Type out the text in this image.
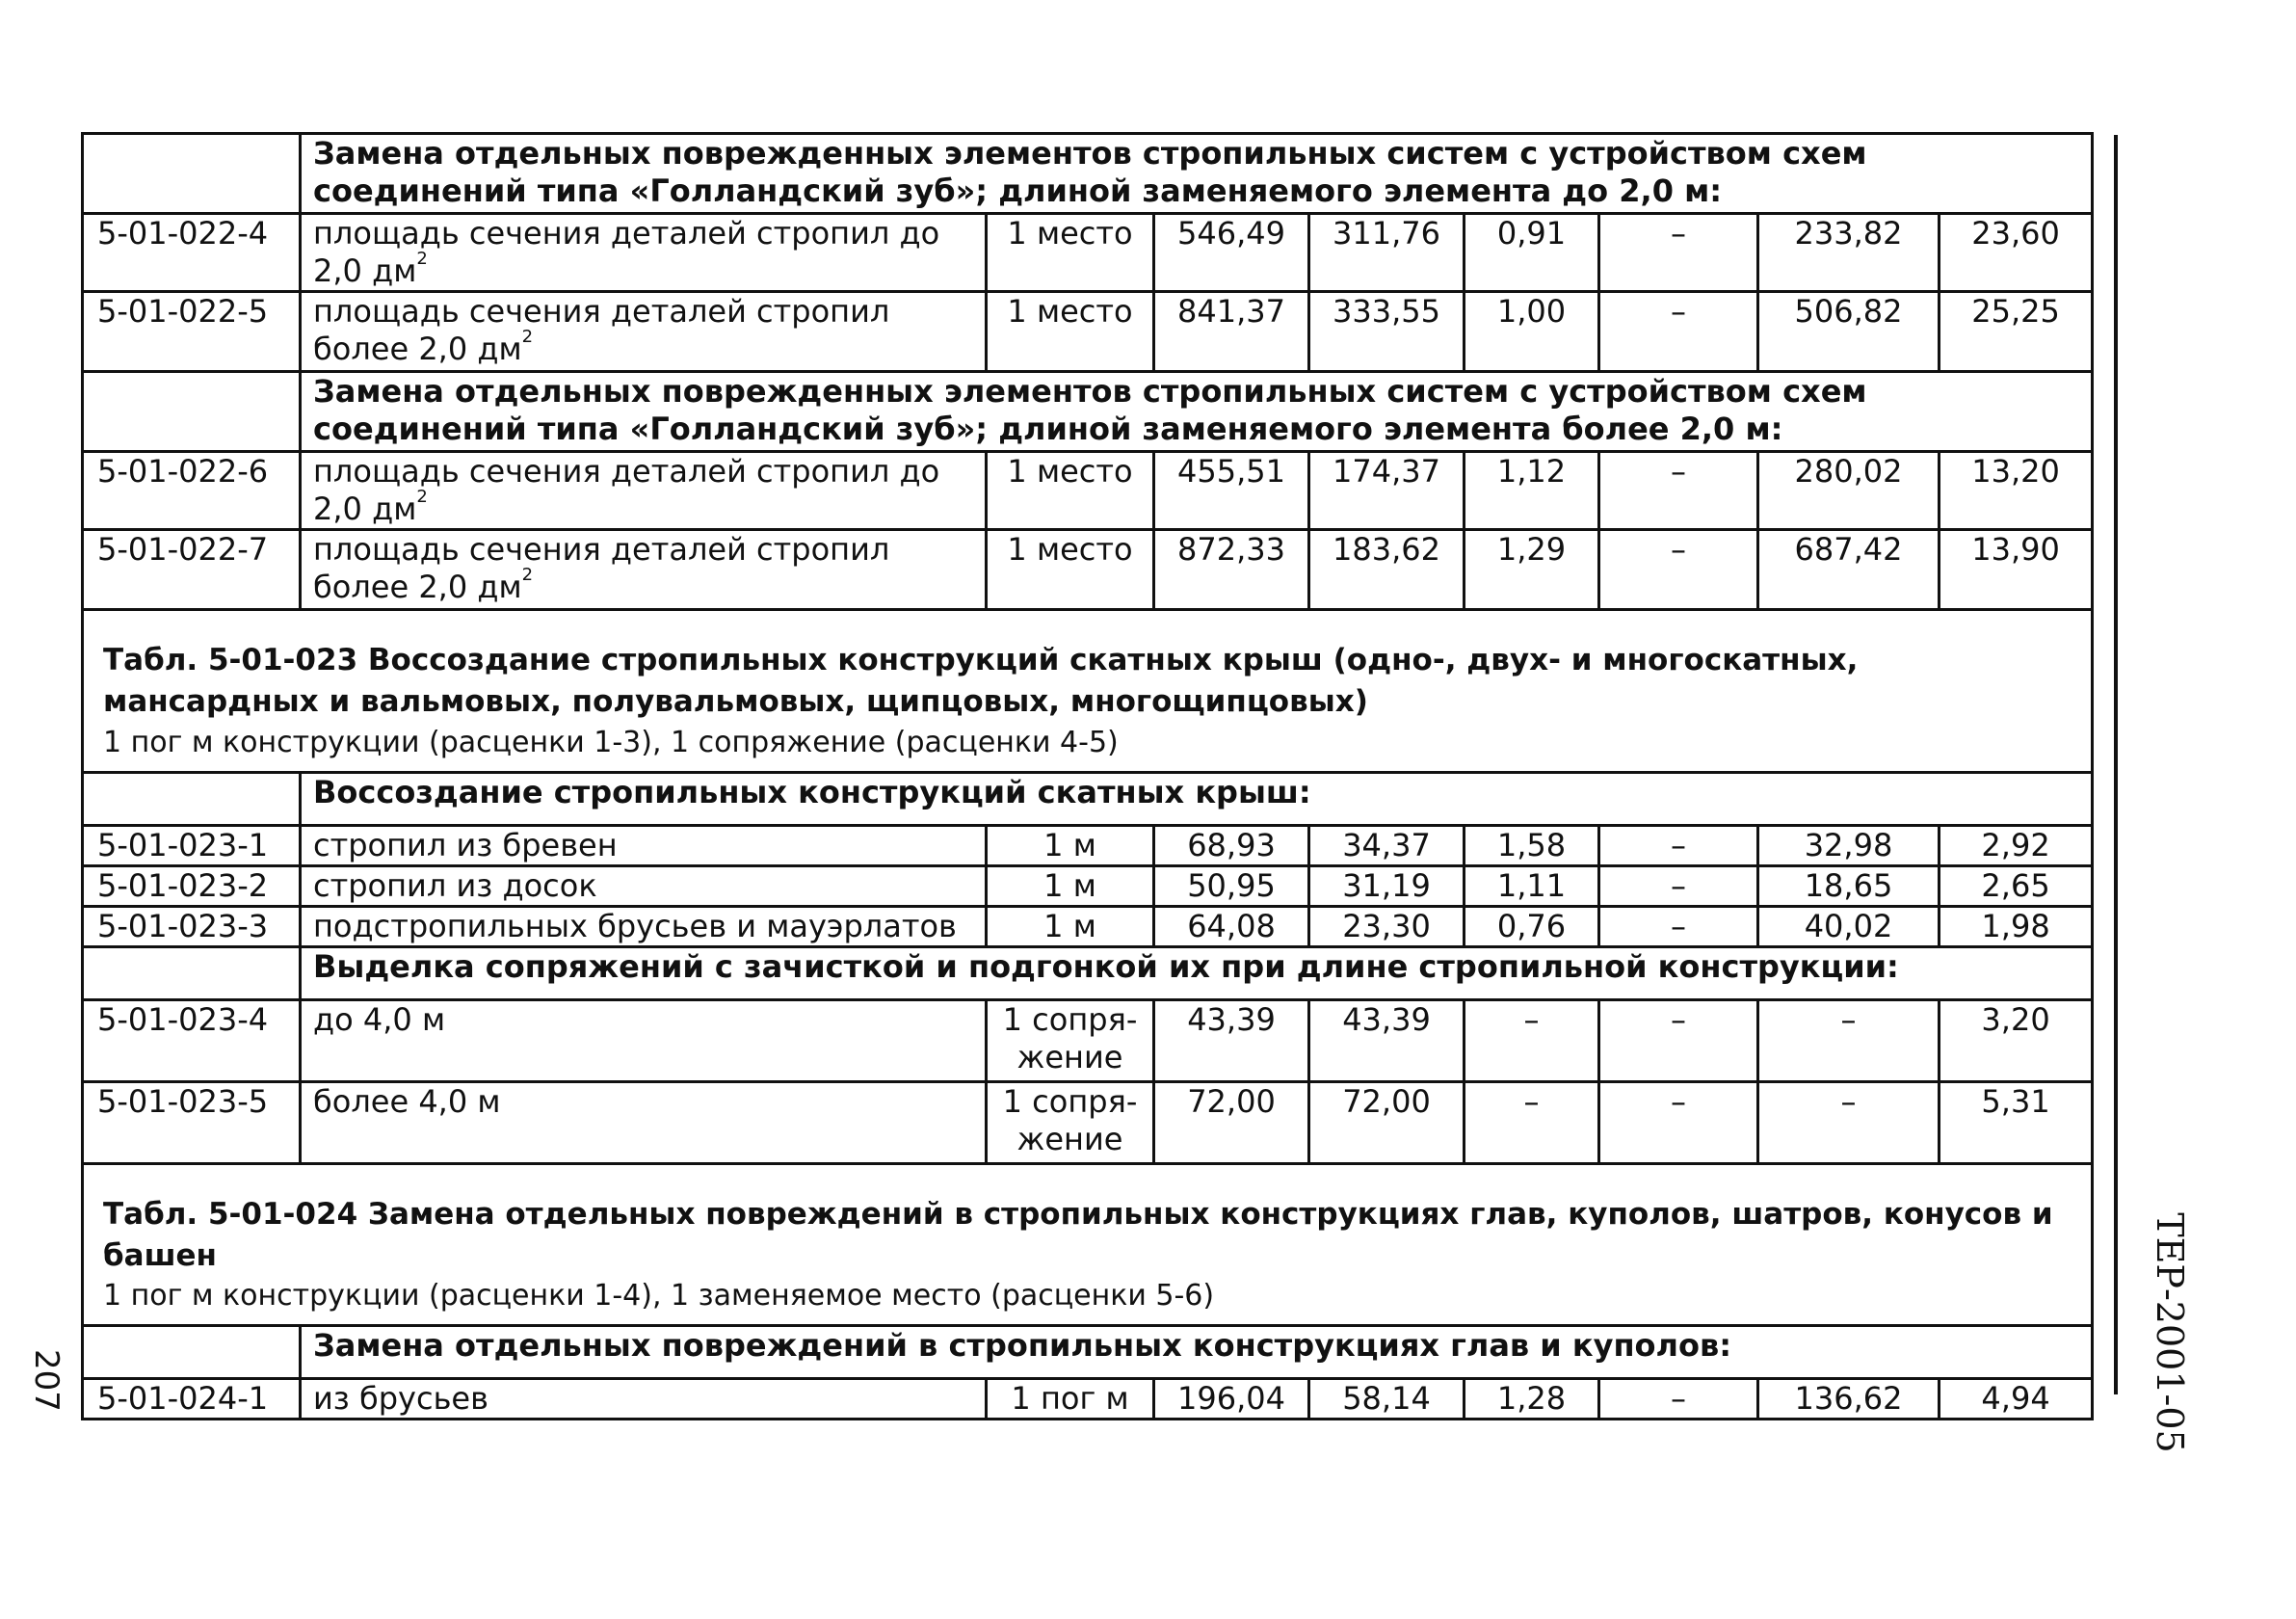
207	ТЕР-2001-05
	Замена отдельных поврежденных элементов стропильных систем с устройством схем соединений типа «Голландский зуб»; длиной заменяемого элемента до 2,0 м:							
5-01-022-4	площадь сечения деталей стропил до 2,0 $дм^2$	1 место	546,49	311,76	0,91	–	233,82	23,60
5-01-022-5	площадь сечения деталей стропил более 2,0 $дм^2$	1 место	841,37	333,55	1,00	–	506,82	25,25
	Замена отдельных поврежденных элементов стропильных систем с устройством схем соединений типа «Голландский зуб»; длиной заменяемого элемента более 2,0 м:							
5-01-022-6	площадь сечения деталей стропил до 2,0 $дм^2$	1 место	455,51	174,37	1,12	–	280,02	13,20
5-01-022-7	площадь сечения деталей стропил более 2,0 $дм^2$	1 место	872,33	183,62	1,29	–	687,42	13,90

Табл. 5-01-023 Воссоздание стропильных конструкций скатных крыш (одно-, двух- и многоскатных, мансардных и вальмовых, полувальмовых, щипцовых, многощипцовых)
1 пог м конструкции (расценки 1-3), 1 сопряжение (расценки 4-5)								

	Воссоздание стропильных конструкций скатных крыш:							
5-01-023-1	стропил из бревен	1 м	68,93	34,37	1,58	–	32,98	2,92
5-01-023-2	стропил из досок	1 м	50,95	31,19	1,11	–	18,65	2,65
5-01-023-3	подстропильных брусьев и мауэрлатов	1 м	64,08	23,30	0,76	–	40,02	1,98
	Выделка сопряжений с зачисткой и подгонкой их при длине стропильной конструкции:							
5-01-023-4	до 4,0 м	1 сопря-жение	43,39	43,39	–	–	–	3,20
5-01-023-5	более 4,0 м	1 сопря-жение	72,00	72,00	–	–	–	5,31

Табл. 5-01-024 Замена отдельных повреждений в стропильных конструкциях глав, куполов, шатров, конусов и башен
1 пог м конструкции (расценки 1-4), 1 заменяемое место (расценки 5-6)								

	Замена отдельных повреждений в стропильных конструкциях глав и куполов:							
5-01-024-1	из брусьев	1 пог м	196,04	58,14	1,28	–	136,62	4,94
